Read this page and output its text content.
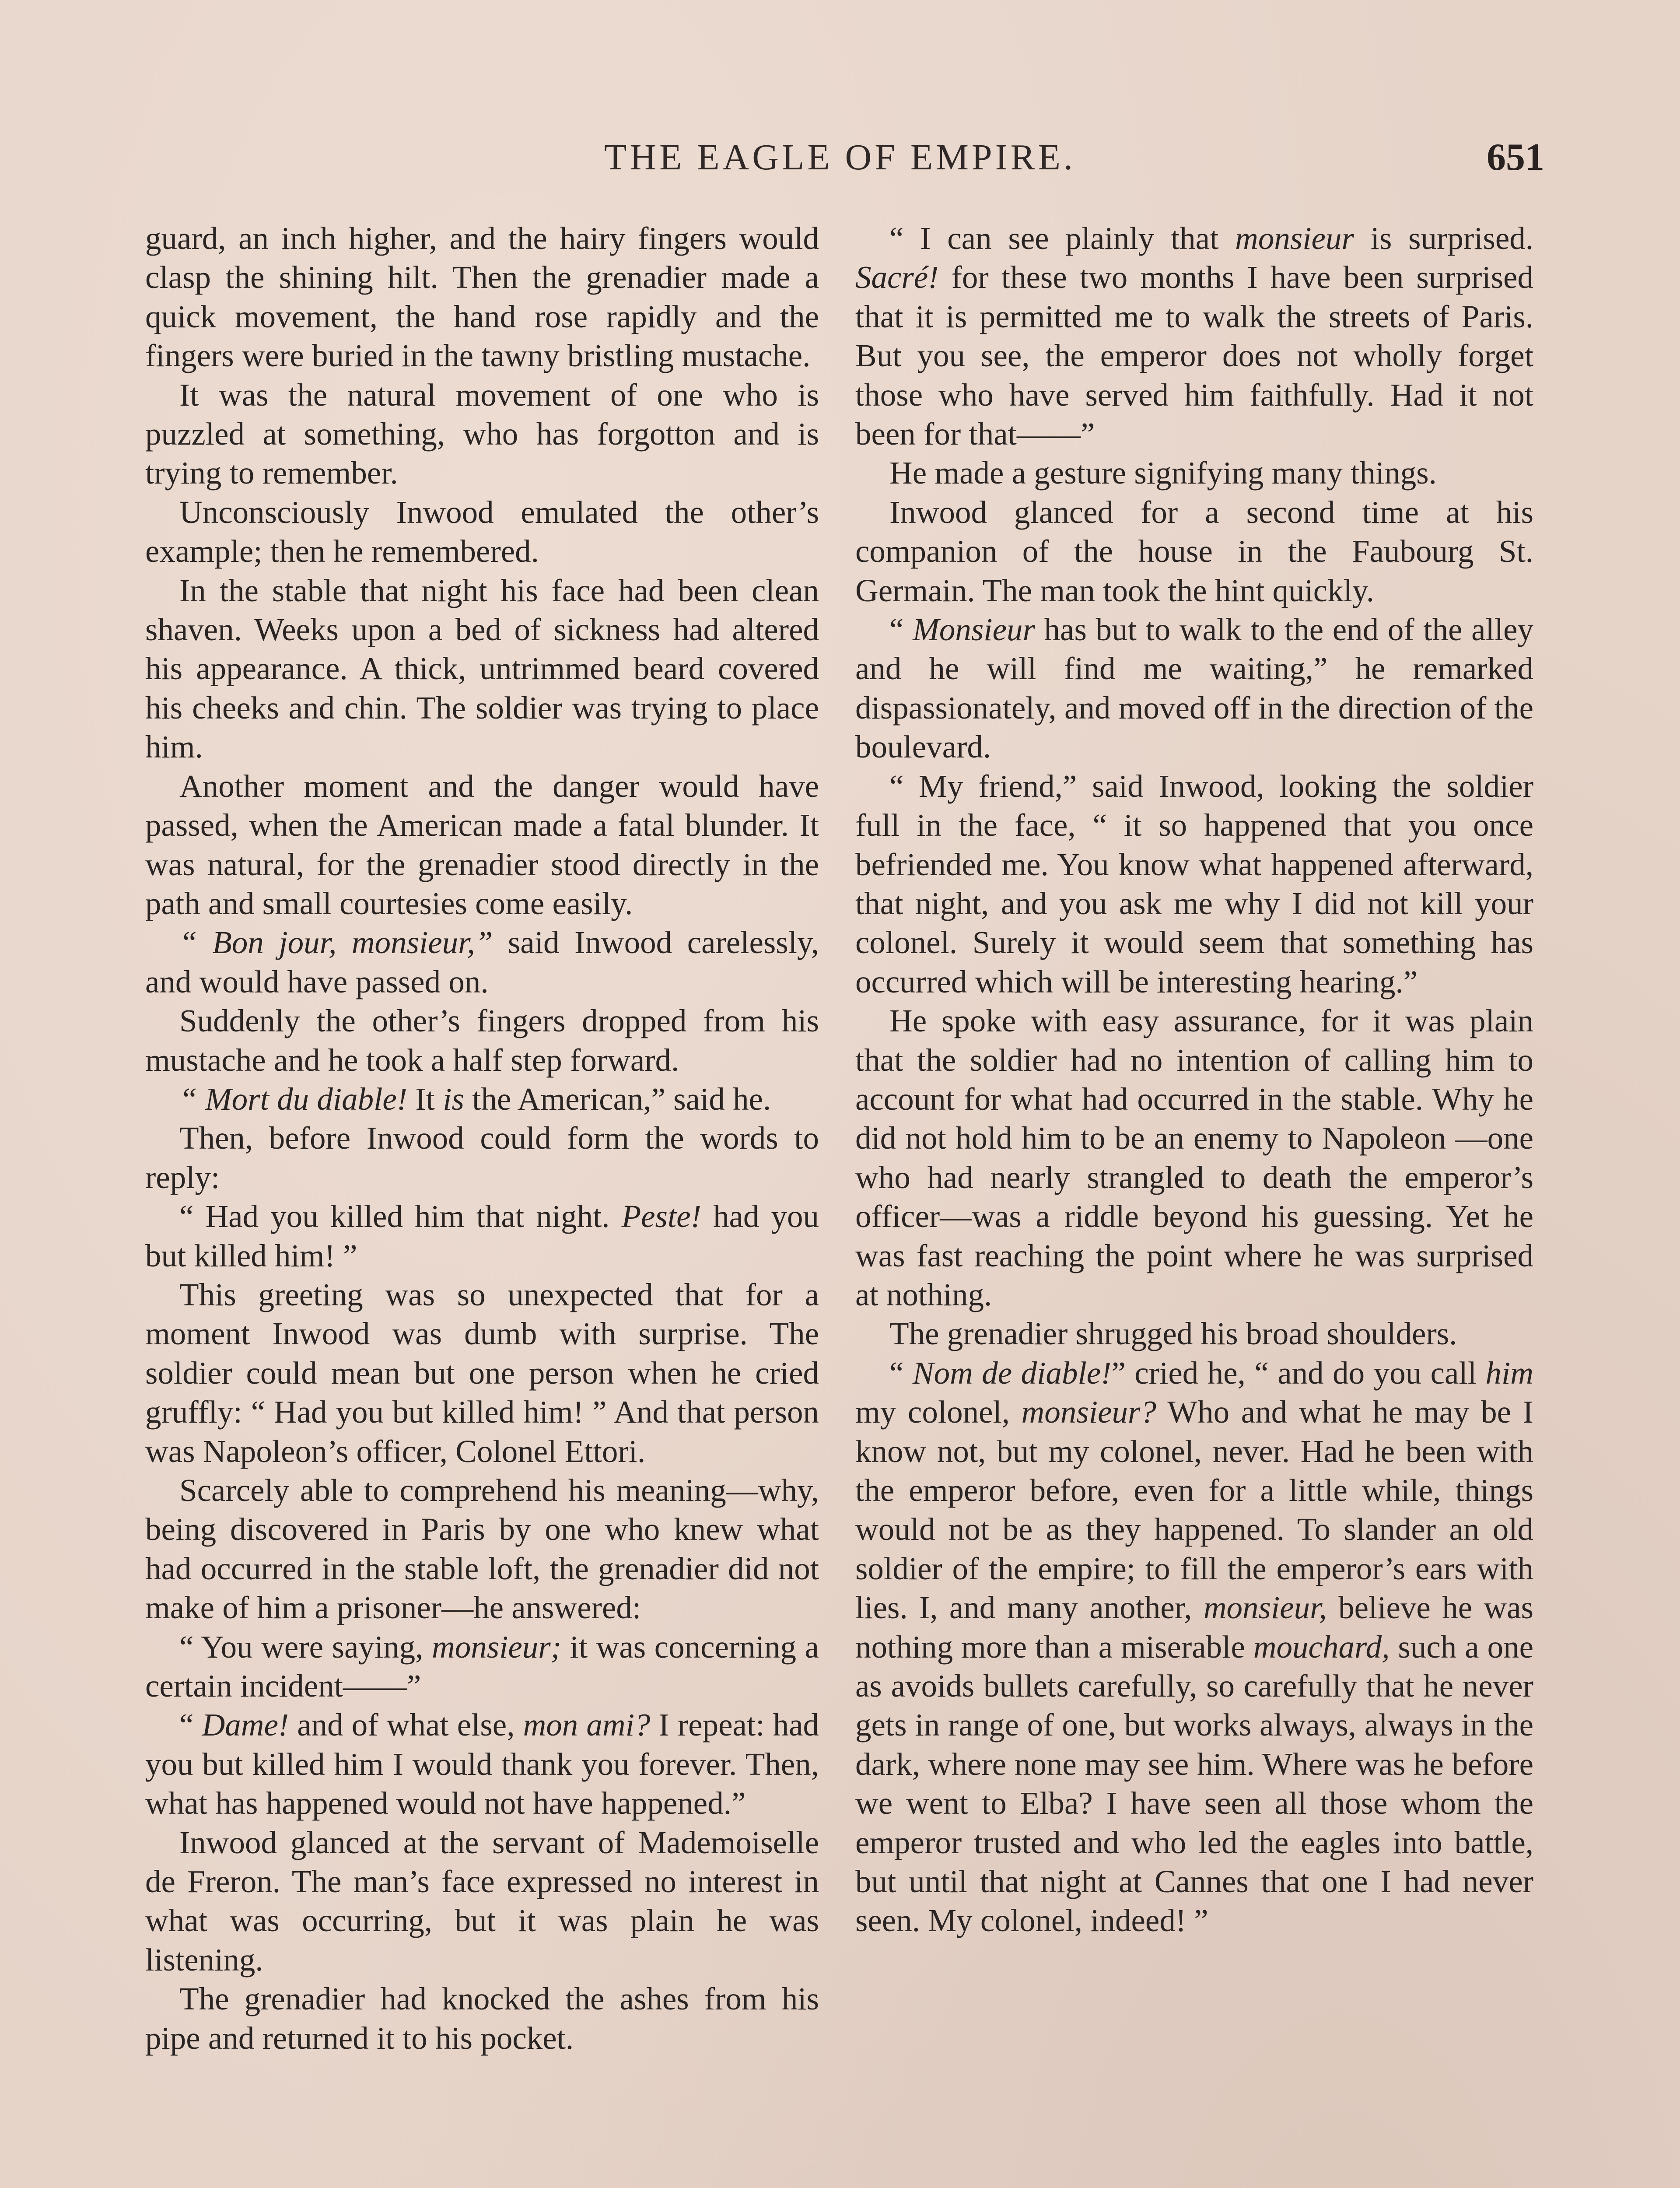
THE EAGLE OF EMPIRE.	651

guard, an inch higher, and the hairy fingers would clasp the shining hilt. Then the grenadier made a quick movement, the hand rose rapidly and the fingers were buried in the tawny bristling mustache.

It was the natural movement of one who is puzzled at something, who has forgotton and is trying to remember.

Unconsciously Inwood emulated the other’s example; then he remembered.

In the stable that night his face had been clean shaven. Weeks upon a bed of sickness had altered his appearance. A thick, untrimmed beard covered his cheeks and chin. The soldier was trying to place him.

Another moment and the danger would have passed, when the American made a fatal blunder. It was natural, for the grenadier stood directly in the path and small courtesies come easily.

“ Bon jour, monsieur,” said Inwood carelessly, and would have passed on.

Suddenly the other’s fingers dropped from his mustache and he took a half step forward.

“ Mort du diable! It is the American,” said he.

Then, before Inwood could form the words to reply:

“ Had you killed him that night. Peste! had you but killed him! ”

This greeting was so unexpected that for a moment Inwood was dumb with surprise. The soldier could mean but one person when he cried gruffly: “ Had you but killed him! ” And that person was Napoleon’s officer, Colonel Ettori.

Scarcely able to comprehend his meaning—why, being discovered in Paris by one who knew what had occurred in the stable loft, the grenadier did not make of him a prisoner—he answered:

“ You were saying, monsieur; it was concerning a certain incident——”

“ Dame! and of what else, mon ami? I repeat: had you but killed him I would thank you forever. Then, what has happened would not have happened.”

Inwood glanced at the servant of Mademoiselle de Freron. The man’s face expressed no interest in what was occurring, but it was plain he was listening.

The grenadier had knocked the ashes from his pipe and returned it to his pocket.

“ I can see plainly that monsieur is surprised. Sacré! for these two months I have been surprised that it is permitted me to walk the streets of Paris. But you see, the emperor does not wholly forget those who have served him faithfully. Had it not been for that——”

He made a gesture signifying many things.

Inwood glanced for a second time at his companion of the house in the Faubourg St. Germain. The man took the hint quickly.

“ Monsieur has but to walk to the end of the alley and he will find me waiting,” he remarked dispassionately, and moved off in the direction of the boulevard.

“ My friend,” said Inwood, looking the soldier full in the face, “ it so happened that you once befriended me. You know what happened afterward, that night, and you ask me why I did not kill your colonel. Surely it would seem that something has occurred which will be interesting hearing.”

He spoke with easy assurance, for it was plain that the soldier had no intention of calling him to account for what had occurred in the stable. Why he did not hold him to be an enemy to Napoleon —one who had nearly strangled to death the emperor’s officer—was a riddle beyond his guessing. Yet he was fast reaching the point where he was surprised at nothing.

The grenadier shrugged his broad shoulders.

“ Nom de diable!” cried he, “ and do you call him my colonel, monsieur? Who and what he may be I know not, but my colonel, never. Had he been with the emperor before, even for a little while, things would not be as they happened. To slander an old soldier of the empire; to fill the emperor’s ears with lies. I, and many another, monsieur, believe he was nothing more than a miserable mouchard, such a one as avoids bullets carefully, so carefully that he never gets in range of one, but works always, always in the dark, where none may see him. Where was he before we went to Elba? I have seen all those whom the emperor trusted and who led the eagles into battle, but until that night at Cannes that one I had never seen. My colonel, indeed! ”
